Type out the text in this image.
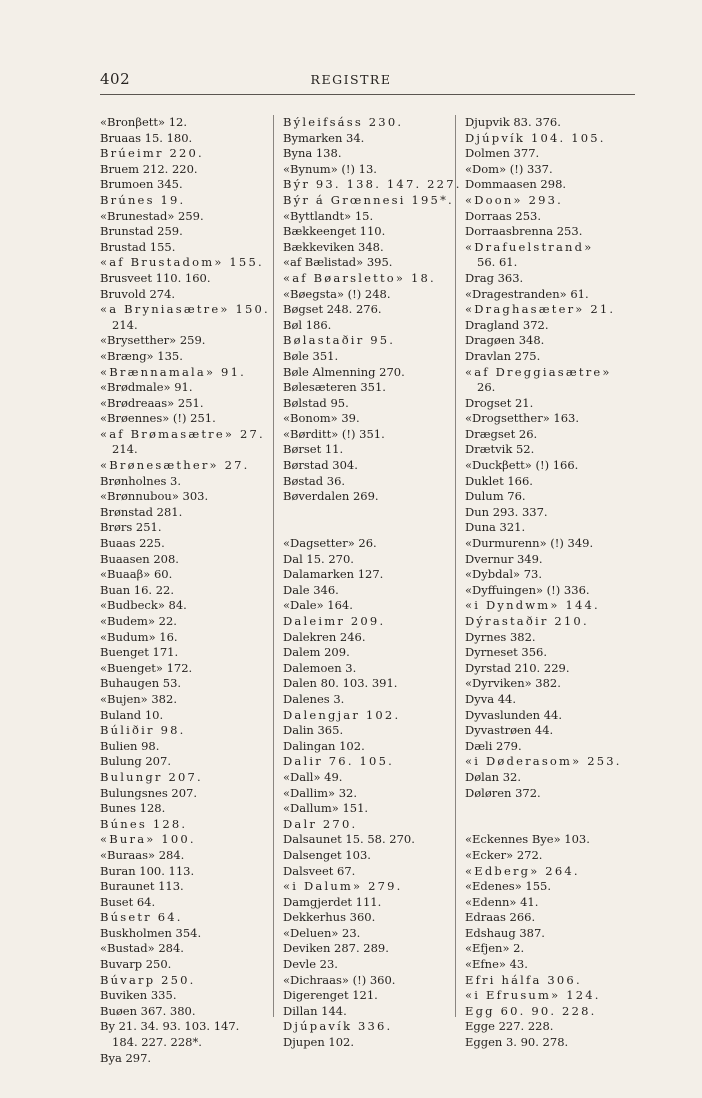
402	REGISTRE
«Bronβett» 12.
Bruaas 15. 180.
Brúeimr 220.
Bruem 212. 220.
Brumoen 345.
Brúnes 19.
«Brunestad» 259.
Brunstad 259.
Brustad 155.
«af Brustadom» 155.
Brusveet 110. 160.
Bruvold 274.
«a Bryniasætre» 150.
214.
«Brysetther» 259.
«Bræng» 135.
«Brænnamala» 91.
«Brødmale» 91.
«Brødreaas» 251.
«Brøennes» (!) 251.
«af Brømasætre» 27.
214.
«Brønesæther» 27.
Brønholnes 3.
«Brønnubou» 303.
Brønstad 281.
Brørs 251.
Buaas 225.
Buaasen 208.
«Buaaβ» 60.
Buan 16. 22.
«Budbeck» 84.
«Budem» 22.
«Budum» 16.
Buenget 171.
«Buenget» 172.
Buhaugen 53.
«Bujen» 382.
Buland 10.
Búliðir 98.
Bulien 98.
Bulung 207.
Bulungr 207.
Bulungsnes 207.
Bunes 128.
Búnes 128.
«Bura» 100.
«Buraas» 284.
Buran 100. 113.
Buraunet 113.
Buset 64.
Búsetr 64.
Buskholmen 354.
«Bustad» 284.
Buvarp 250.
Búvarp 250.
Buviken 335.
Buøen 367. 380.
By 21. 34. 93. 103. 147.
184. 227. 228*.
Bya 297.
Býleifsáss 230.
Bymarken 34.
Byna 138.
«Bynum» (!) 13.
Býr 93. 138. 147. 227.
Býr á Grœnnesi 195*.
«Byttlandt» 15.
Bækkeenget 110.
Bækkeviken 348.
«af Bælistad» 395.
«af Bøarsletto» 18.
«Bøegsta» (!) 248.
Bøgset 248. 276.
Bøl 186.
Bølastaðir 95.
Bøle 351.
Bøle Almenning 270.
Bølesæteren 351.
Bølstad 95.
«Bonom» 39.
«Børditt» (!) 351.
Børset 11.
Børstad 304.
Bøstad 36.
Bøverdalen 269.
«Dagsetter» 26.
Dal 15. 270.
Dalamarken 127.
Dale 346.
«Dale» 164.
Daleimr 209.
Dalekren 246.
Dalem 209.
Dalemoen 3.
Dalen 80. 103. 391.
Dalenes 3.
Dalengjar 102.
Dalin 365.
Dalingan 102.
Dalir 76. 105.
«Dall» 49.
«Dallim» 32.
«Dallum» 151.
Dalr 270.
Dalsaunet 15. 58. 270.
Dalsenget 103.
Dalsveet 67.
«i Dalum» 279.
Damgjerdet 111.
Dekkerhus 360.
«Deluen» 23.
Deviken 287. 289.
Devle 23.
«Dichraas» (!) 360.
Digerenget 121.
Dillan 144.
Djúpavík 336.
Djupen 102.
Djupvik 83. 376.
Djúpvík 104. 105.
Dolmen 377.
«Dom» (!) 337.
Dommaasen 298.
«Doon» 293.
Dorraas 253.
Dorraasbrenna 253.
«Drafuelstrand»
56. 61.
Drag 363.
«Dragestranden» 61.
«Draghasæter» 21.
Dragland 372.
Dragøen 348.
Dravlan 275.
«af Dreggiasætre»
26.
Drogset 21.
«Drogsetther» 163.
Drægset 26.
Drætvik 52.
«Duckβett» (!) 166.
Duklet 166.
Dulum 76.
Dun 293. 337.
Duna 321.
«Durmurenn» (!) 349.
Dvernur 349.
«Dybdal» 73.
«Dyffuingen» (!) 336.
«i Dyndwm» 144.
Dýrastaðir 210.
Dyrnes 382.
Dyrneset 356.
Dyrstad 210. 229.
«Dyrviken» 382.
Dyva 44.
Dyvaslunden 44.
Dyvastrøen 44.
Dæli 279.
«i Døderasom» 253.
Dølan 32.
Døløren 372.
«Eckennes Bye» 103.
«Ecker» 272.
«Edberg» 264.
«Edenes» 155.
«Edenn» 41.
Edraas 266.
Edshaug 387.
«Efjen» 2.
«Efne» 43.
Efri hálfa 306.
«i Efrusum» 124.
Egg 60. 90. 228.
Egge 227. 228.
Eggen 3. 90. 278.
